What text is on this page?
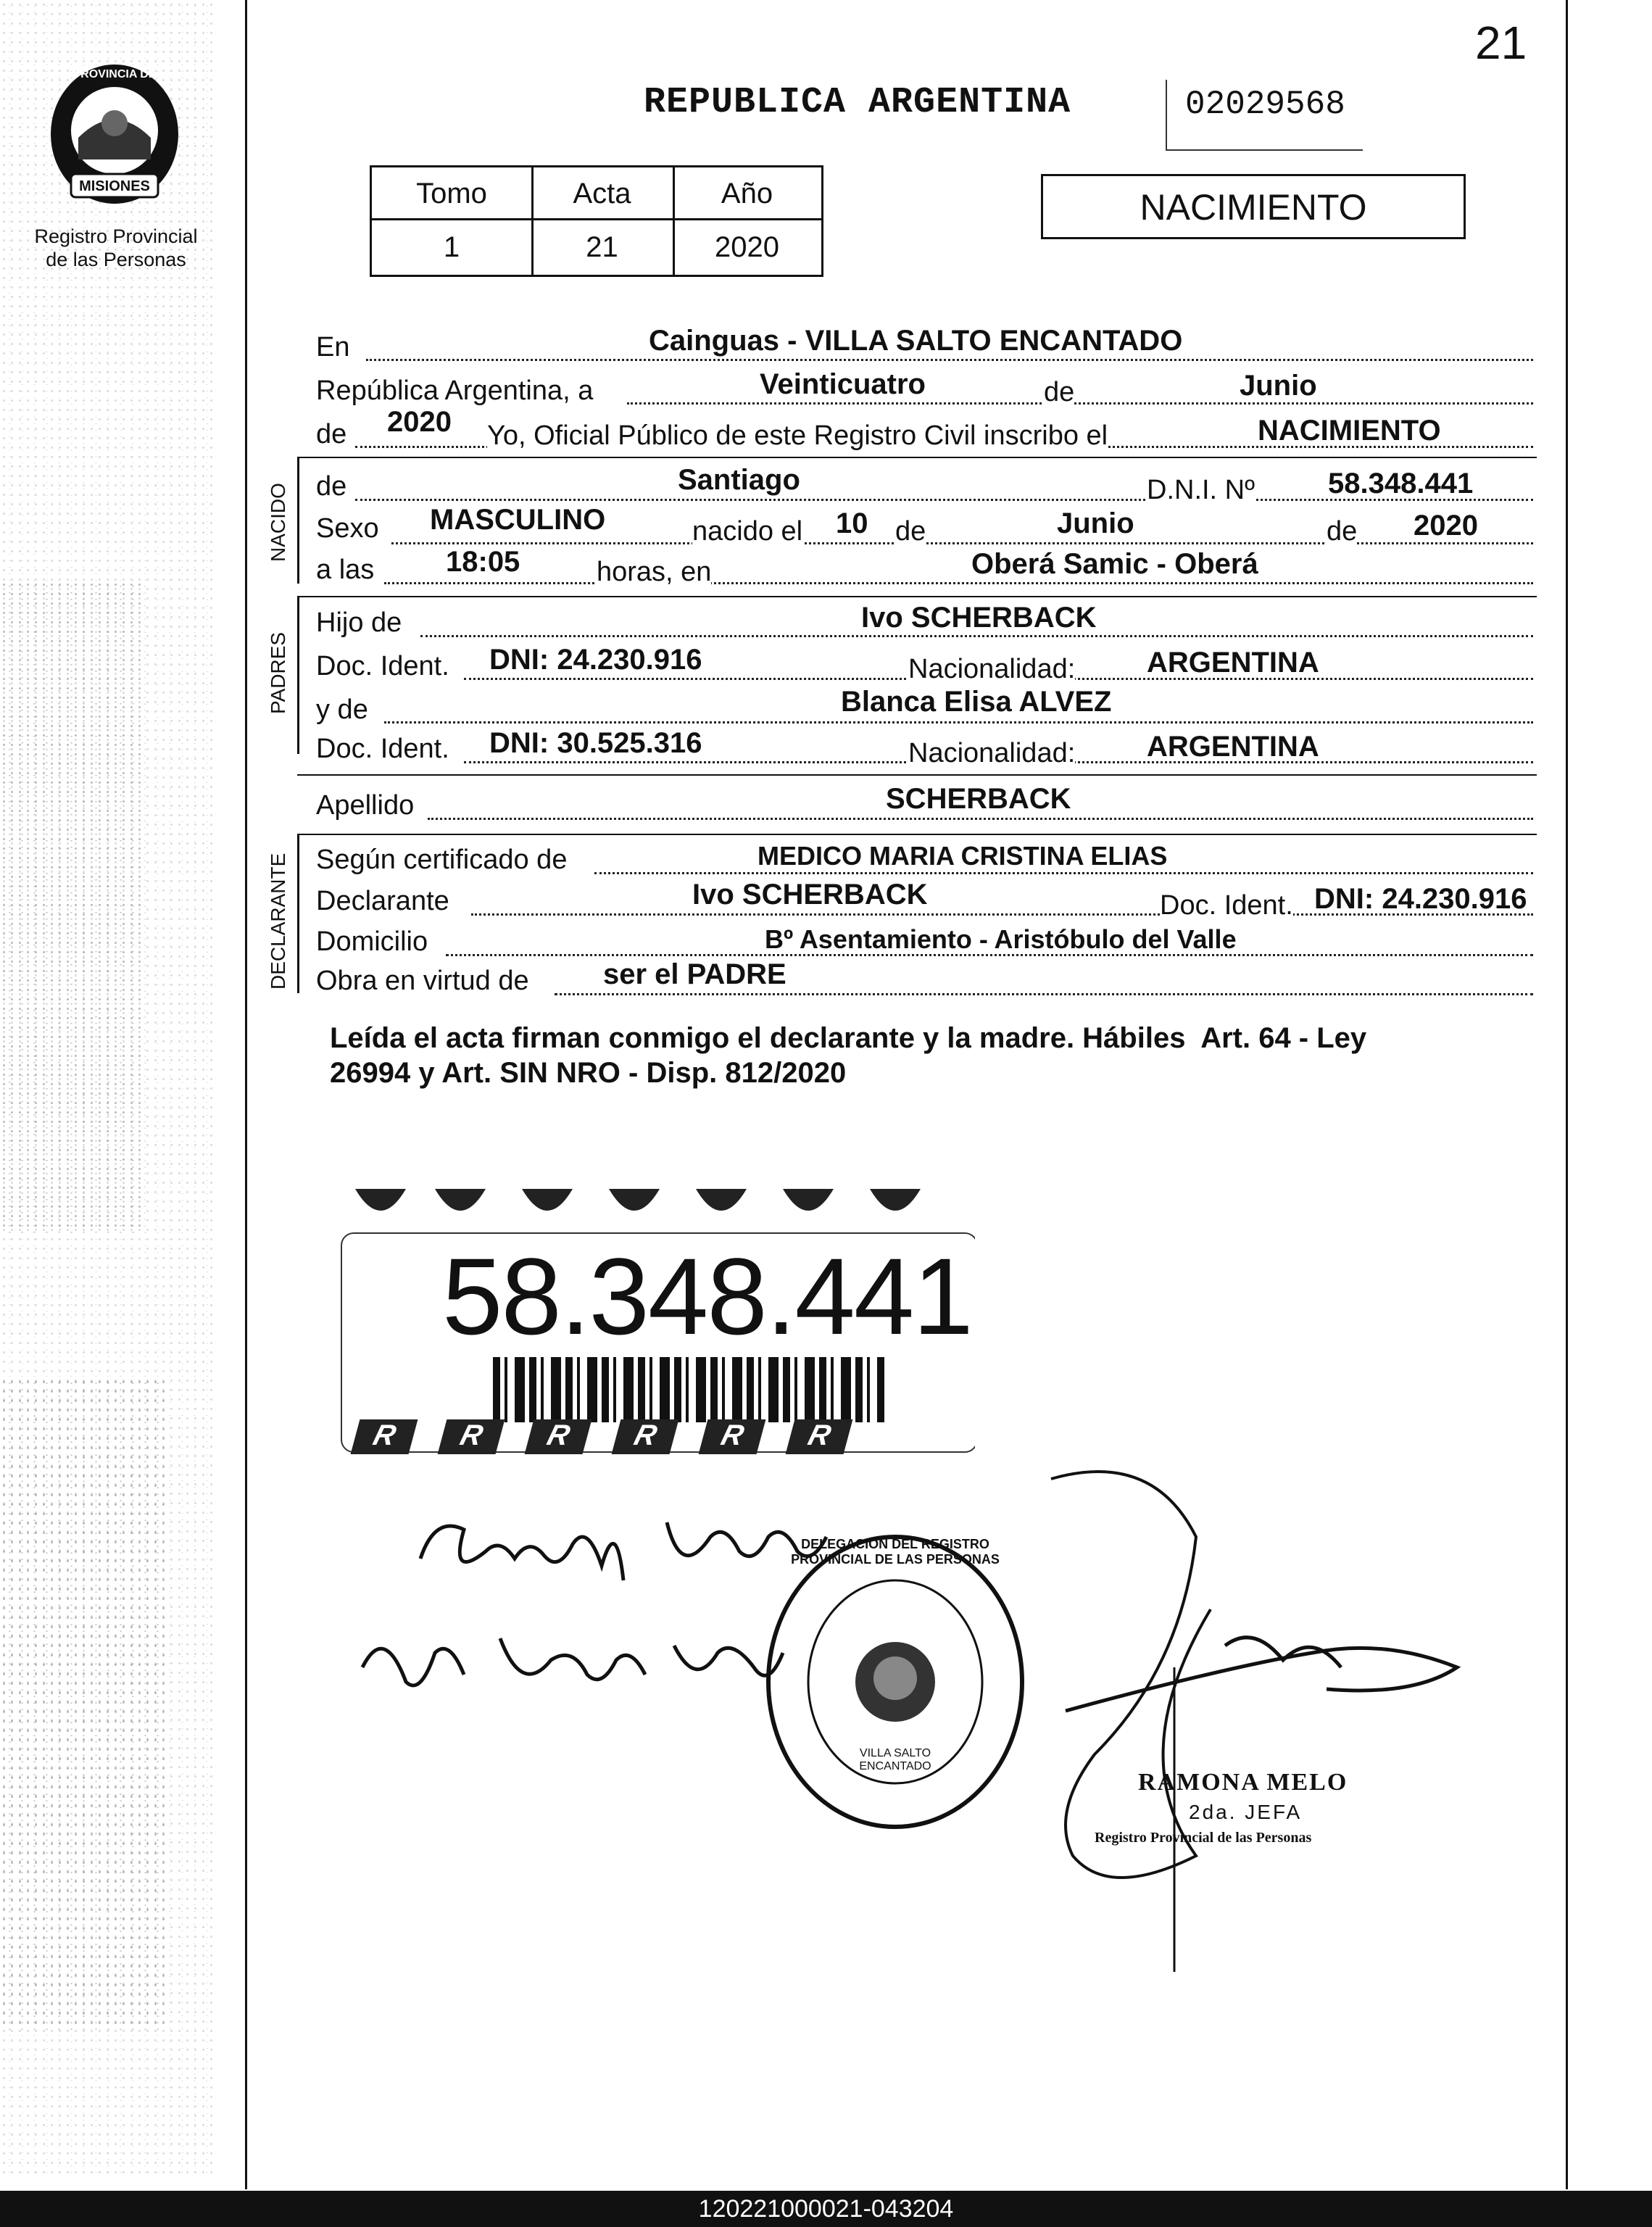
21
PROVINCIA DE
MISIONES
Registro Provincial
de las Personas
REPUBLICA ARGENTINA	02029568
Tomo	Acta	Año
1	21	2020
NACIMIENTO
En	Cainguas - VILLA SALTO ENCANTADO
República Argentina, a	Veinticuatro	de	Junio
de 2020 Yo, Oficial Público de este Registro Civil inscribo el	NACIMIENTO
NACIDO de	Santiago	D.N.I. Nº	58.348.441
Sexo MASCULINO	nacido el 10 de	Junio	de 2020
a las 18:05	horas, en	Oberá Samic - Oberá
PADRES
Hijo de	Ivo SCHERBACK
Doc. Ident. DNI: 24.230.916	Nacionalidad: ARGENTINA
y de	Blanca Elisa ALVEZ
Doc. Ident. DNI: 30.525.316	Nacionalidad: ARGENTINA
Apellido	SCHERBACK
DECLARANTE Según certificado de	MEDICO MARIA CRISTINA ELIAS
Declarante	Ivo SCHERBACK	Doc. Ident. DNI: 24.230.916
Domicilio	Bº Asentamiento - Aristóbulo del Valle
Obra en virtud de	ser el PADRE
Leída el acta firman conmigo el declarante y la madre. Hábiles  Art. 64 - Ley
26994 y Art. SIN NRO - Disp. 812/2020
58.348.441
R	R	R	R	R	R
DELEGACION DEL REGISTRO PROVINCIAL DE LAS PERSONAS
VILLA SALTO ENCANTADO
RAMONA MELO
2da. JEFA
Registro Provincial de las Personas
120221000021-043204
